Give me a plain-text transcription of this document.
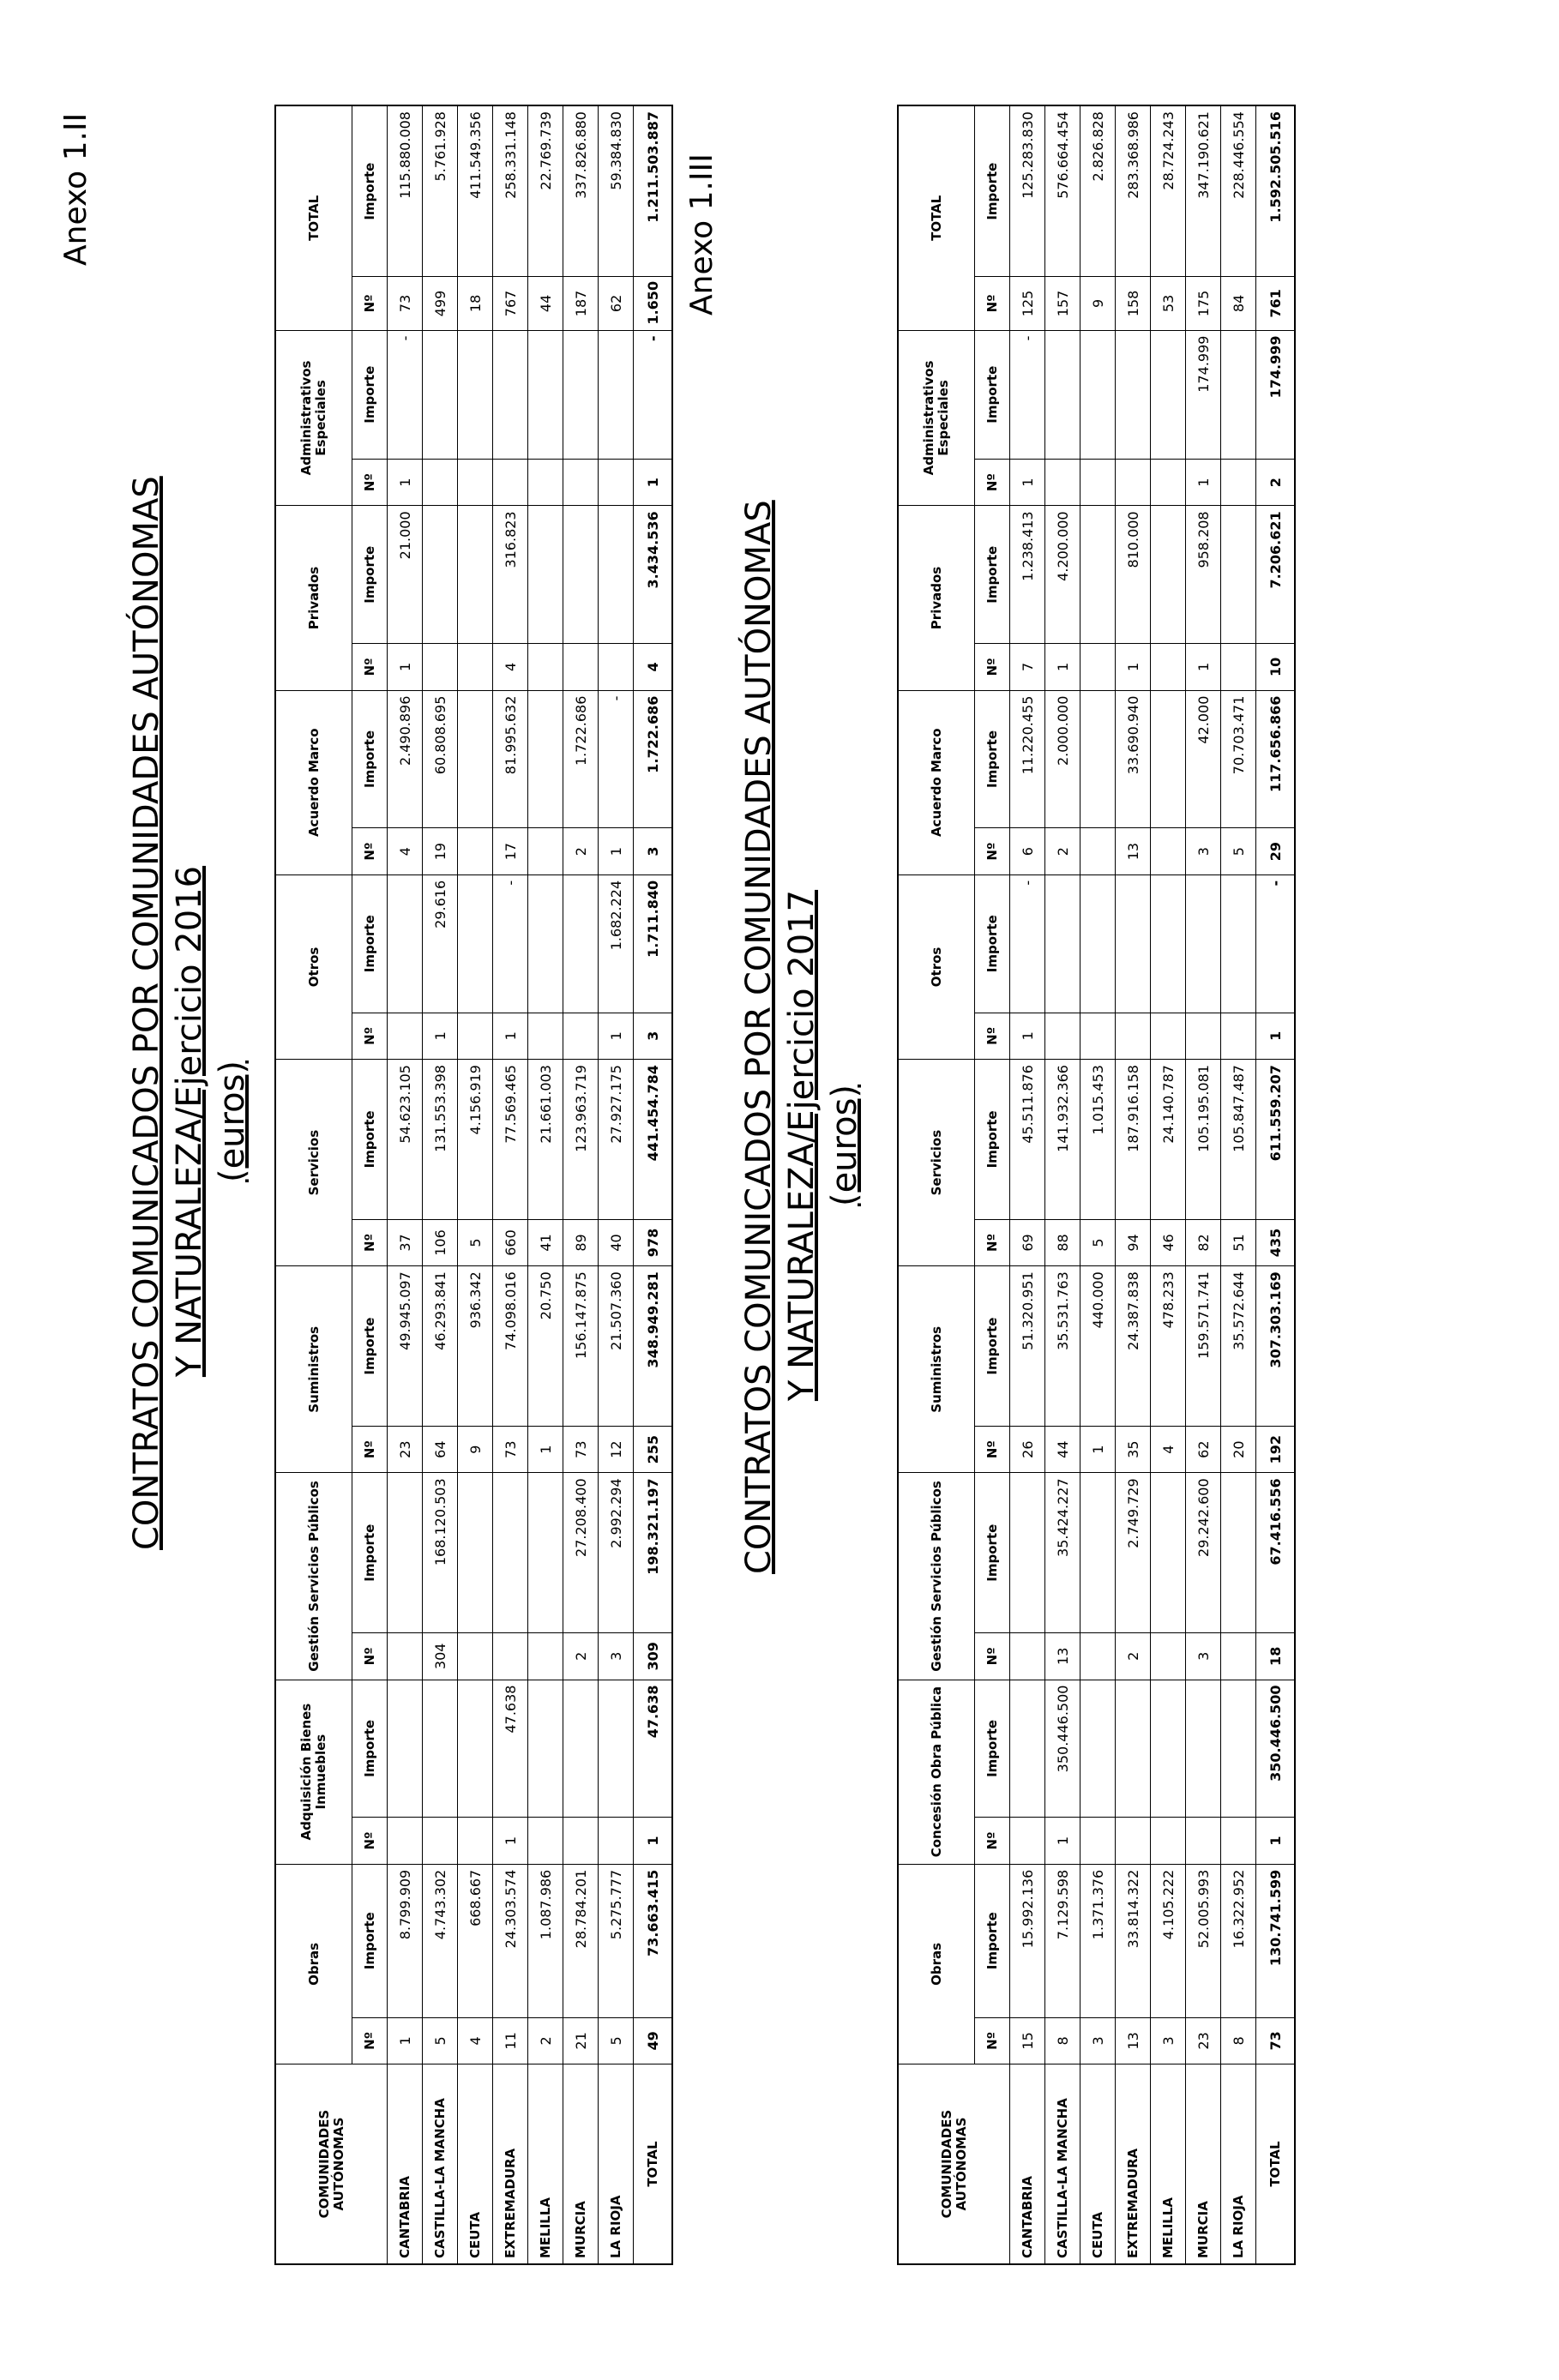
Anexo 1.II
CONTRATOS COMUNICADOS POR COMUNIDADES AUTÓNOMAS Y NATURALEZA/Ejercicio 2016 (euros)
COMUNIDADES AUTÓNOMAS	Obras		Adquisición Bienes Inmuebles		Gestión Servicios Públicos		Suministros		Servicios		Otros		Acuerdo Marco		Privados		Administrativos Especiales		TOTAL	
	Nº	Importe	Nº	Importe	Nº	Importe	Nº	Importe	Nº	Importe	Nº	Importe	Nº	Importe	Nº	Importe	Nº	Importe	Nº	Importe
CANTABRIA	1	8.799.909					23	49.945.097	37	54.623.105			4	2.490.896	1	21.000	1	-	73	115.880.008
CASTILLA-LA MANCHA	5	4.743.302			304	168.120.503	64	46.293.841	106	131.553.398	1	29.616	19	60.808.695					499	5.761.928
CEUTA	4	668.667					9	936.342	5	4.156.919									18	411.549.356
EXTREMADURA	11	24.303.574	1	47.638			73	74.098.016	660	77.569.465	1	-	17	81.995.632	4	316.823			767	258.331.148
MELILLA	2	1.087.986					1	20.750	41	21.661.003									44	22.769.739
MURCIA	21	28.784.201			2	27.208.400	73	156.147.875	89	123.963.719			2	1.722.686					187	337.826.880
LA RIOJA	5	5.275.777			3	2.992.294	12	21.507.360	40	27.927.175	1	1.682.224	1	-					62	59.384.830
TOTAL	49	73.663.415	1	47.638	309	198.321.197	255	348.949.281	978	441.454.784	3	1.711.840	3	1.722.686	4	3.434.536	1	-	1.650	1.211.503.887 Anexo 1.III
CONTRATOS COMUNICADOS POR COMUNIDADES AUTÓNOMAS Y NATURALEZA/Ejercicio 2017 (euros)
COMUNIDADES AUTÓNOMAS	Obras		Concesión Obra Pública		Gestión Servicios Públicos		Suministros		Servicios		Otros		Acuerdo Marco		Privados		Administrativos Especiales		TOTAL	
	Nº	Importe	Nº	Importe	Nº	Importe	Nº	Importe	Nº	Importe	Nº	Importe	Nº	Importe	Nº	Importe	Nº	Importe	Nº	Importe
CANTABRIA	15	15.992.136					26	51.320.951	69	45.511.876	1	-	6	11.220.455	7	1.238.413	1	-	125	125.283.830
CASTILLA-LA MANCHA	8	7.129.598	1	350.446.500	13	35.424.227	44	35.531.763	88	141.932.366			2	2.000.000	1	4.200.000			157	576.664.454
CEUTA	3	1.371.376					1	440.000	5	1.015.453									9	2.826.828
EXTREMADURA	13	33.814.322			2	2.749.729	35	24.387.838	94	187.916.158			13	33.690.940	1	810.000			158	283.368.986
MELILLA	3	4.105.222					4	478.233	46	24.140.787									53	28.724.243
MURCIA	23	52.005.993			3	29.242.600	62	159.571.741	82	105.195.081			3	42.000	1	958.208	1	174.999	175	347.190.621
LA RIOJA	8	16.322.952					20	35.572.644	51	105.847.487			5	70.703.471					84	228.446.554
TOTAL	73	130.741.599	1	350.446.500	18	67.416.556	192	307.303.169	435	611.559.207	1	-	29	117.656.866	10	7.206.621	2	174.999	761	1.592.505.516
